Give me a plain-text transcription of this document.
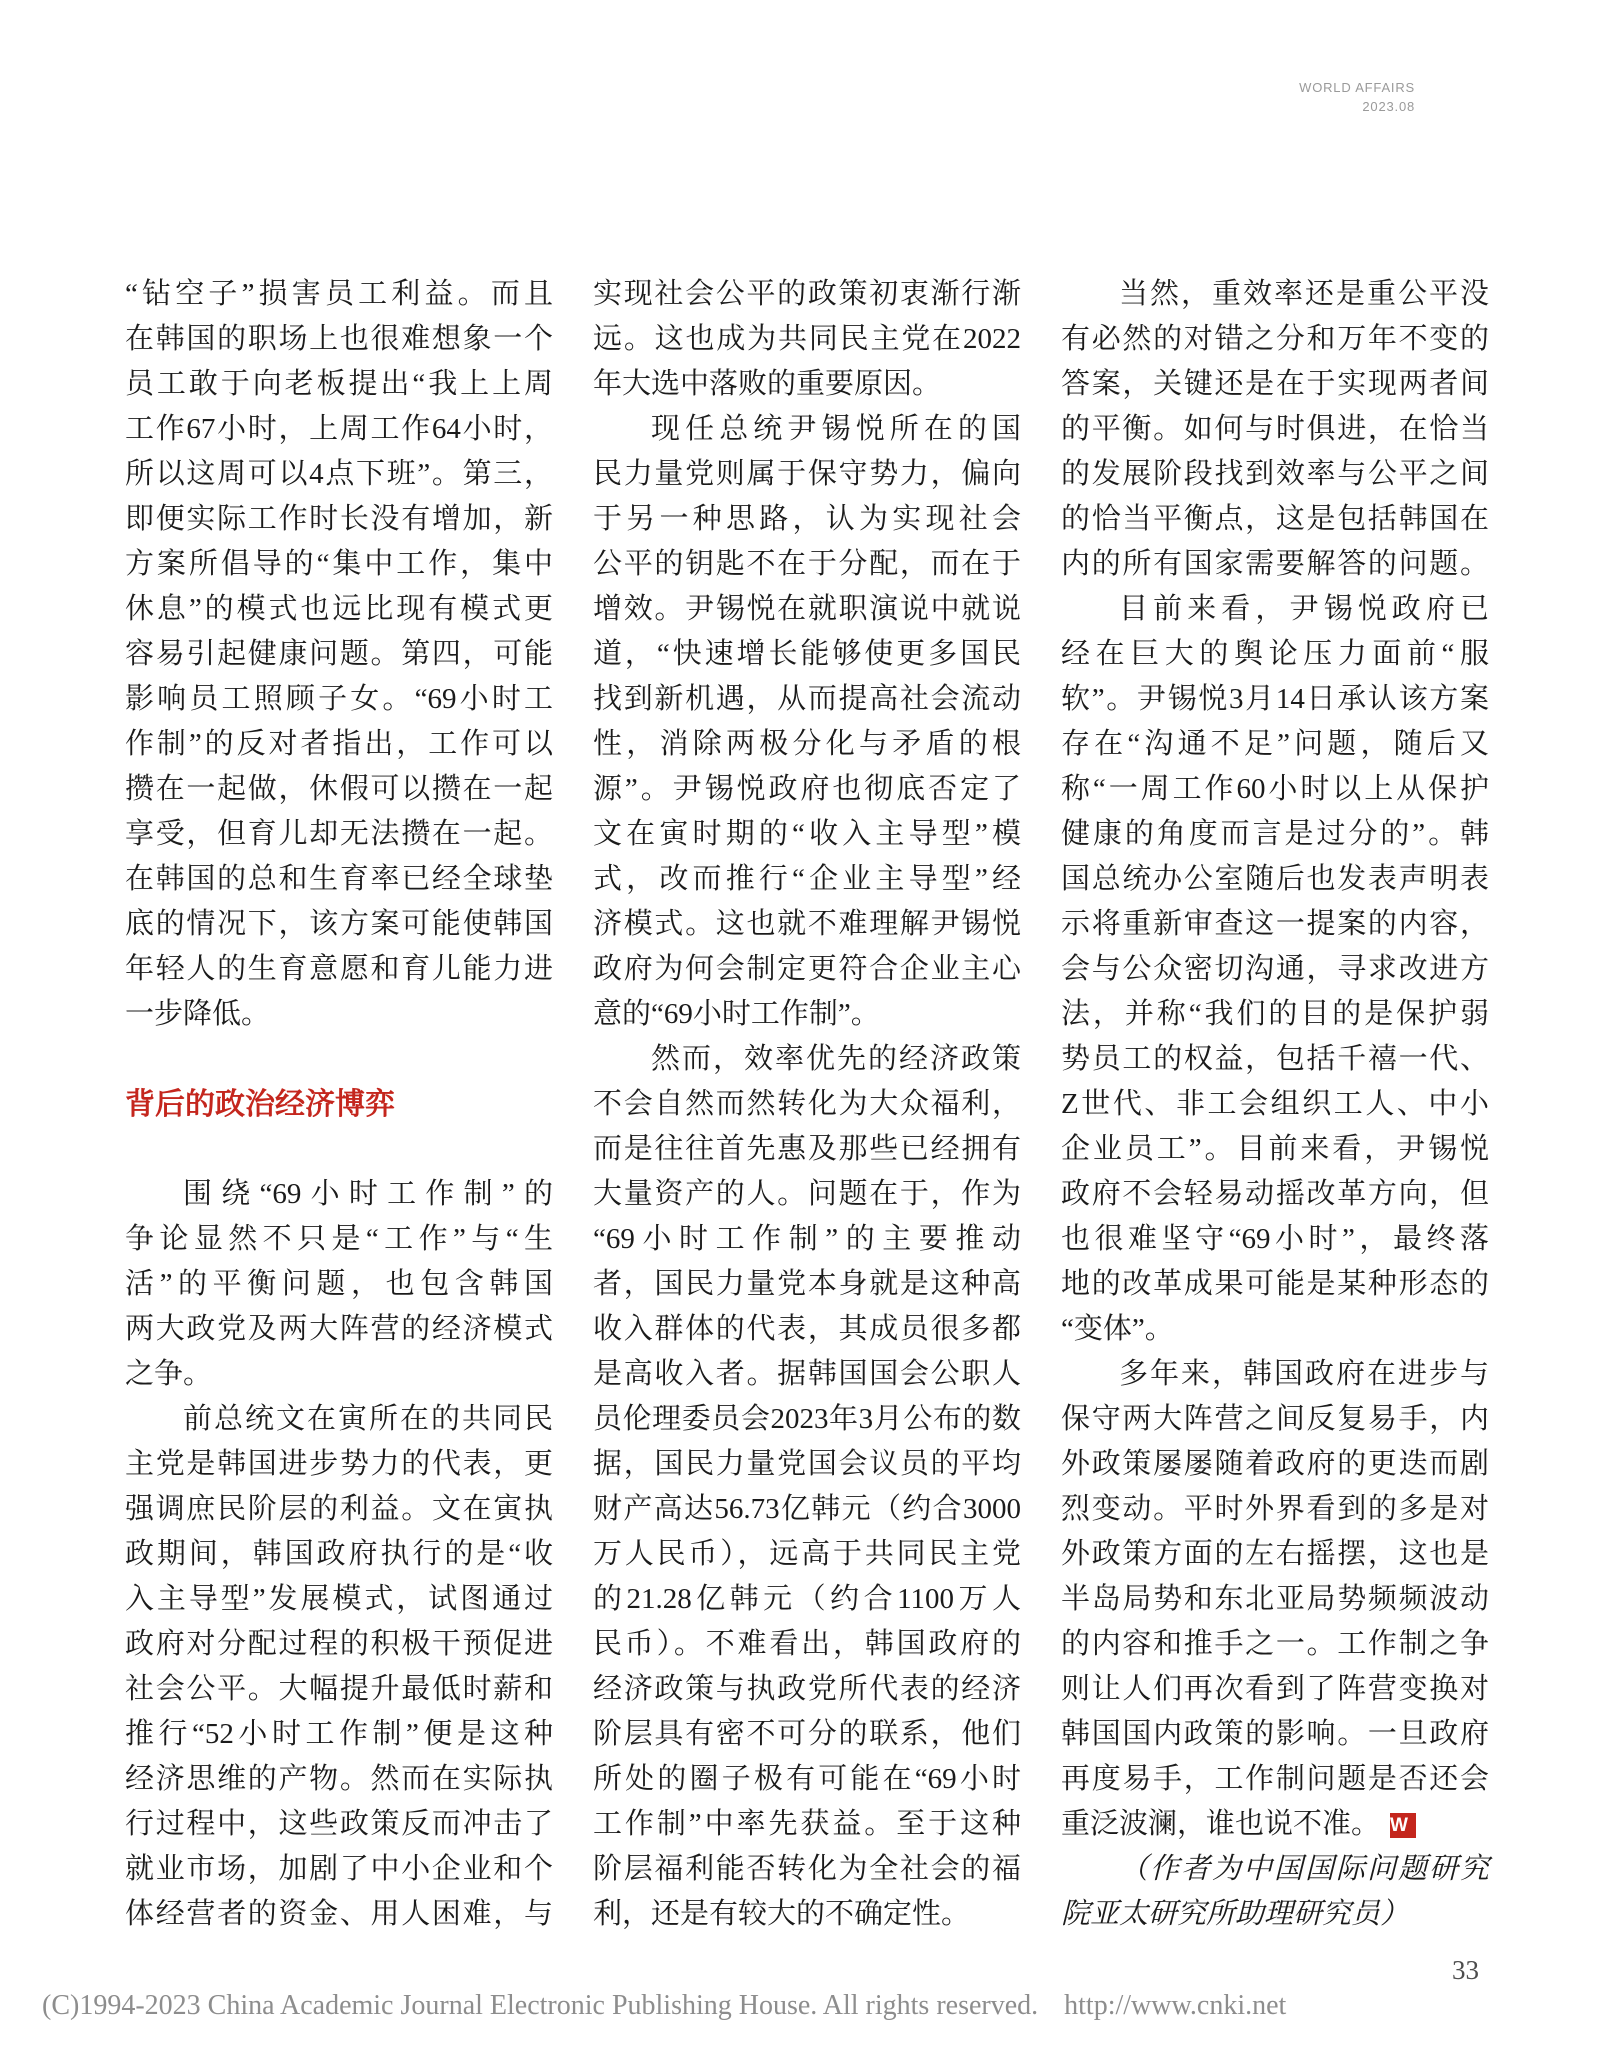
WORLD AFFAIRS
2023.08
“钻空子”损害员工利益。而且
在韩国的职场上也很难想象一个
员工敢于向老板提出“我上上周
工作67小时，上周工作64小时，
所以这周可以4点下班”。第三，
即便实际工作时长没有增加，新
方案所倡导的“集中工作，集中
休息”的模式也远比现有模式更
容易引起健康问题。第四，可能
影响员工照顾子女。“69小时工
作制”的反对者指出，工作可以
攒在一起做，休假可以攒在一起
享受，但育儿却无法攒在一起。
在韩国的总和生育率已经全球垫
底的情况下，该方案可能使韩国
年轻人的生育意愿和育儿能力进
一步降低。
背后的政治经济博弈
围绕“69小时工作制”的
争论显然不只是“工作”与“生
活”的平衡问题，也包含韩国
两大政党及两大阵营的经济模式
之争。
前总统文在寅所在的共同民
主党是韩国进步势力的代表，更
强调庶民阶层的利益。文在寅执
政期间，韩国政府执行的是“收
入主导型”发展模式，试图通过
政府对分配过程的积极干预促进
社会公平。大幅提升最低时薪和
推行“52小时工作制”便是这种
经济思维的产物。然而在实际执
行过程中，这些政策反而冲击了
就业市场，加剧了中小企业和个
体经营者的资金、用人困难，与
实现社会公平的政策初衷渐行渐
远。这也成为共同民主党在2022
年大选中落败的重要原因。
现任总统尹锡悦所在的国
民力量党则属于保守势力，偏向
于另一种思路，认为实现社会
公平的钥匙不在于分配，而在于
增效。尹锡悦在就职演说中就说
道，“快速增长能够使更多国民
找到新机遇，从而提高社会流动
性，消除两极分化与矛盾的根
源”。尹锡悦政府也彻底否定了
文在寅时期的“收入主导型”模
式，改而推行“企业主导型”经
济模式。这也就不难理解尹锡悦
政府为何会制定更符合企业主心
意的“69小时工作制”。
然而，效率优先的经济政策
不会自然而然转化为大众福利，
而是往往首先惠及那些已经拥有
大量资产的人。问题在于，作为
“69小时工作制”的主要推动
者，国民力量党本身就是这种高
收入群体的代表，其成员很多都
是高收入者。据韩国国会公职人
员伦理委员会2023年3月公布的数
据，国民力量党国会议员的平均
财产高达56.73亿韩元（约合3000
万人民币），远高于共同民主党
的21.28亿韩元（约合1100万人
民币）。不难看出，韩国政府的
经济政策与执政党所代表的经济
阶层具有密不可分的联系，他们
所处的圈子极有可能在“69小时
工作制”中率先获益。至于这种
阶层福利能否转化为全社会的福
利，还是有较大的不确定性。
当然，重效率还是重公平没
有必然的对错之分和万年不变的
答案，关键还是在于实现两者间
的平衡。如何与时俱进，在恰当
的发展阶段找到效率与公平之间
的恰当平衡点，这是包括韩国在
内的所有国家需要解答的问题。
目前来看，尹锡悦政府已
经在巨大的舆论压力面前“服
软”。尹锡悦3月14日承认该方案
存在“沟通不足”问题，随后又
称“一周工作60小时以上从保护
健康的角度而言是过分的”。韩
国总统办公室随后也发表声明表
示将重新审查这一提案的内容，
会与公众密切沟通，寻求改进方
法，并称“我们的目的是保护弱
势员工的权益，包括千禧一代、
Z世代、非工会组织工人、中小
企业员工”。目前来看，尹锡悦
政府不会轻易动摇改革方向，但
也很难坚守“69小时”，最终落
地的改革成果可能是某种形态的
“变体”。
多年来，韩国政府在进步与
保守两大阵营之间反复易手，内
外政策屡屡随着政府的更迭而剧
烈变动。平时外界看到的多是对
外政策方面的左右摇摆，这也是
半岛局势和东北亚局势频频波动
的内容和推手之一。工作制之争
则让人们再次看到了阵营变换对
韩国国内政策的影响。一旦政府
再度易手，工作制问题是否还会
重泛波澜，谁也说不准。 W
（作者为中国国际问题研究
院亚太研究所助理研究员）
33
(C)1994-2023 China Academic Journal Electronic Publishing House. All rights reserved. http://www.cnki.net
